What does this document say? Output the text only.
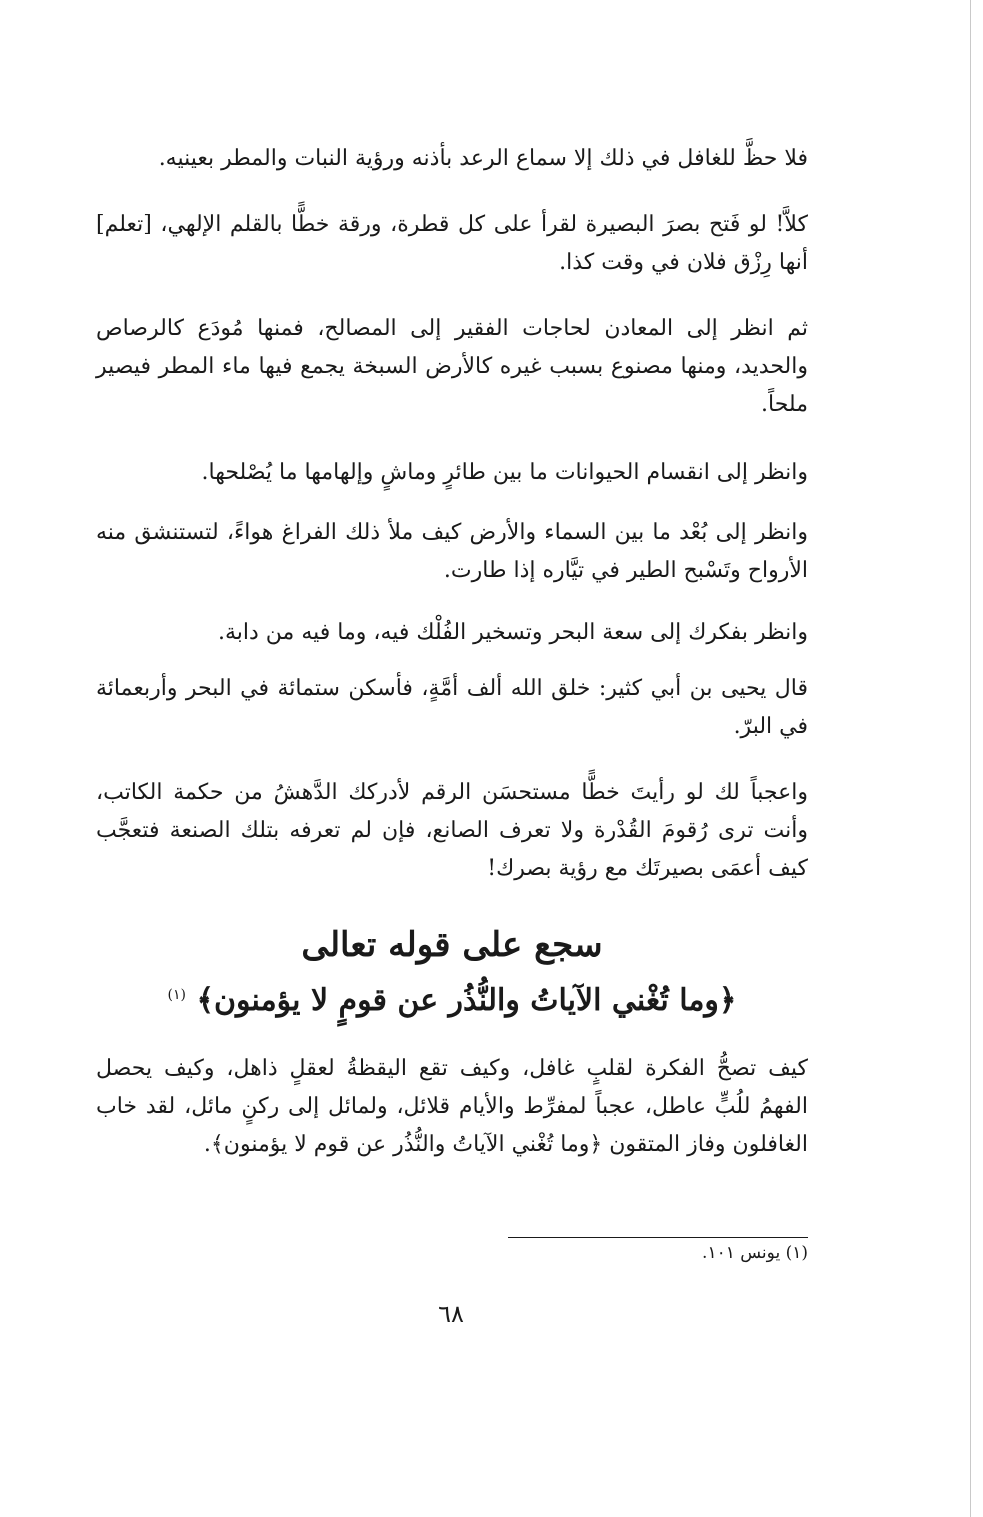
فلا حظَّ للغافل في ذلك إلا سماع الرعد بأذنه ورؤية النبات والمطر بعينيه.

كلاَّ! لو فَتح بصرَ البصيرة لقرأ على كل قطرة، ورقة خطًّا بالقلم الإلهي، [تعلم] أنها رِزْق فلان في وقت كذا.

ثم انظر إلى المعادن لحاجات الفقير إلى المصالح، فمنها مُودَع كالرصاص والحديد، ومنها مصنوع بسبب غيره كالأرض السبخة يجمع فيها ماء المطر فيصير ملحاً.

وانظر إلى انقسام الحيوانات ما بين طائرٍ وماشٍ وإلهامها ما يُصْلحها.

وانظر إلى بُعْد ما بين السماء والأرض كيف ملأ ذلك الفراغ هواءً، لتستنشق منه الأرواح وتَسْبح الطير في تيَّاره إذا طارت.

وانظر بفكرك إلى سعة البحر وتسخير الفُلْك فيه، وما فيه من دابة.

قال يحيى بن أبي كثير: خلق الله ألف أمَّةٍ، فأسكن ستمائة في البحر وأربعمائة في البرّ.

واعجباً لك لو رأيتَ خطًّا مستحسَن الرقم لأدركك الدَّهشُ من حكمة الكاتب، وأنت ترى رُقومَ القُدْرة ولا تعرف الصانع، فإن لم تعرفه بتلك الصنعة فتعجَّب كيف أعمَى بصيرتَك مع رؤية بصرك!

سجع على قوله تعالى
﴿وما تُغْني الآياتُ والنُّذُر عن قومٍ لا يؤمنون﴾ $^{(١)}$

كيف تصحُّ الفكرة لقلبٍ غافل، وكيف تقع اليقظةُ لعقلٍ ذاهل، وكيف يحصل الفهمُ للُبٍّ عاطل، عجباً لمفرِّط والأيام قلائل، ولمائل إلى ركنٍ مائل، لقد خاب الغافلون وفاز المتقون ﴿وما تُغْني الآياتُ والنُّذُر عن قوم لا يؤمنون﴾.

(١) يونس ١٠١.

٦٨
